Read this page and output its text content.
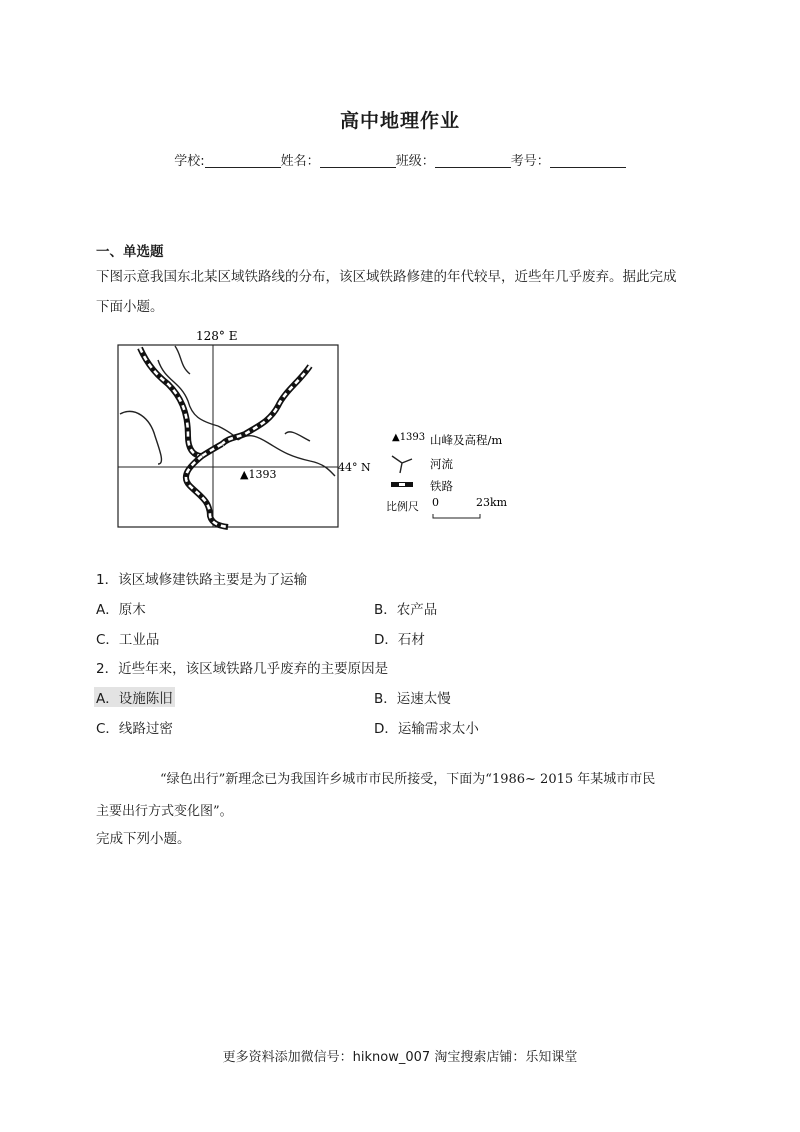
高中地理作业
学校:	姓名：	班级：	考号：
一、单选题
下图示意我国东北某区域铁路线的分布，该区域铁路修建的年代较早，近些年几乎废弃。据此完成
下面小题。
128° E
44° N
▲1393
▲1393 山峰及高程/m
河流
铁路
比例尺 0	23km
1．该区域修建铁路主要是为了运输
A．原木	B．农产品
C．工业品	D．石材
2．近些年来，该区域铁路几乎废弃的主要原因是
A．设施陈旧	B．运速太慢
C．线路过密	D．运输需求太小
“绿色出行”新理念已为我国许乡城市市民所接受，下面为“1986~ 2015 年某城市市民
主要出行方式变化图”。
完成下列小题。
更多资料添加微信号：hiknow_007 淘宝搜索店铺：乐知课堂
